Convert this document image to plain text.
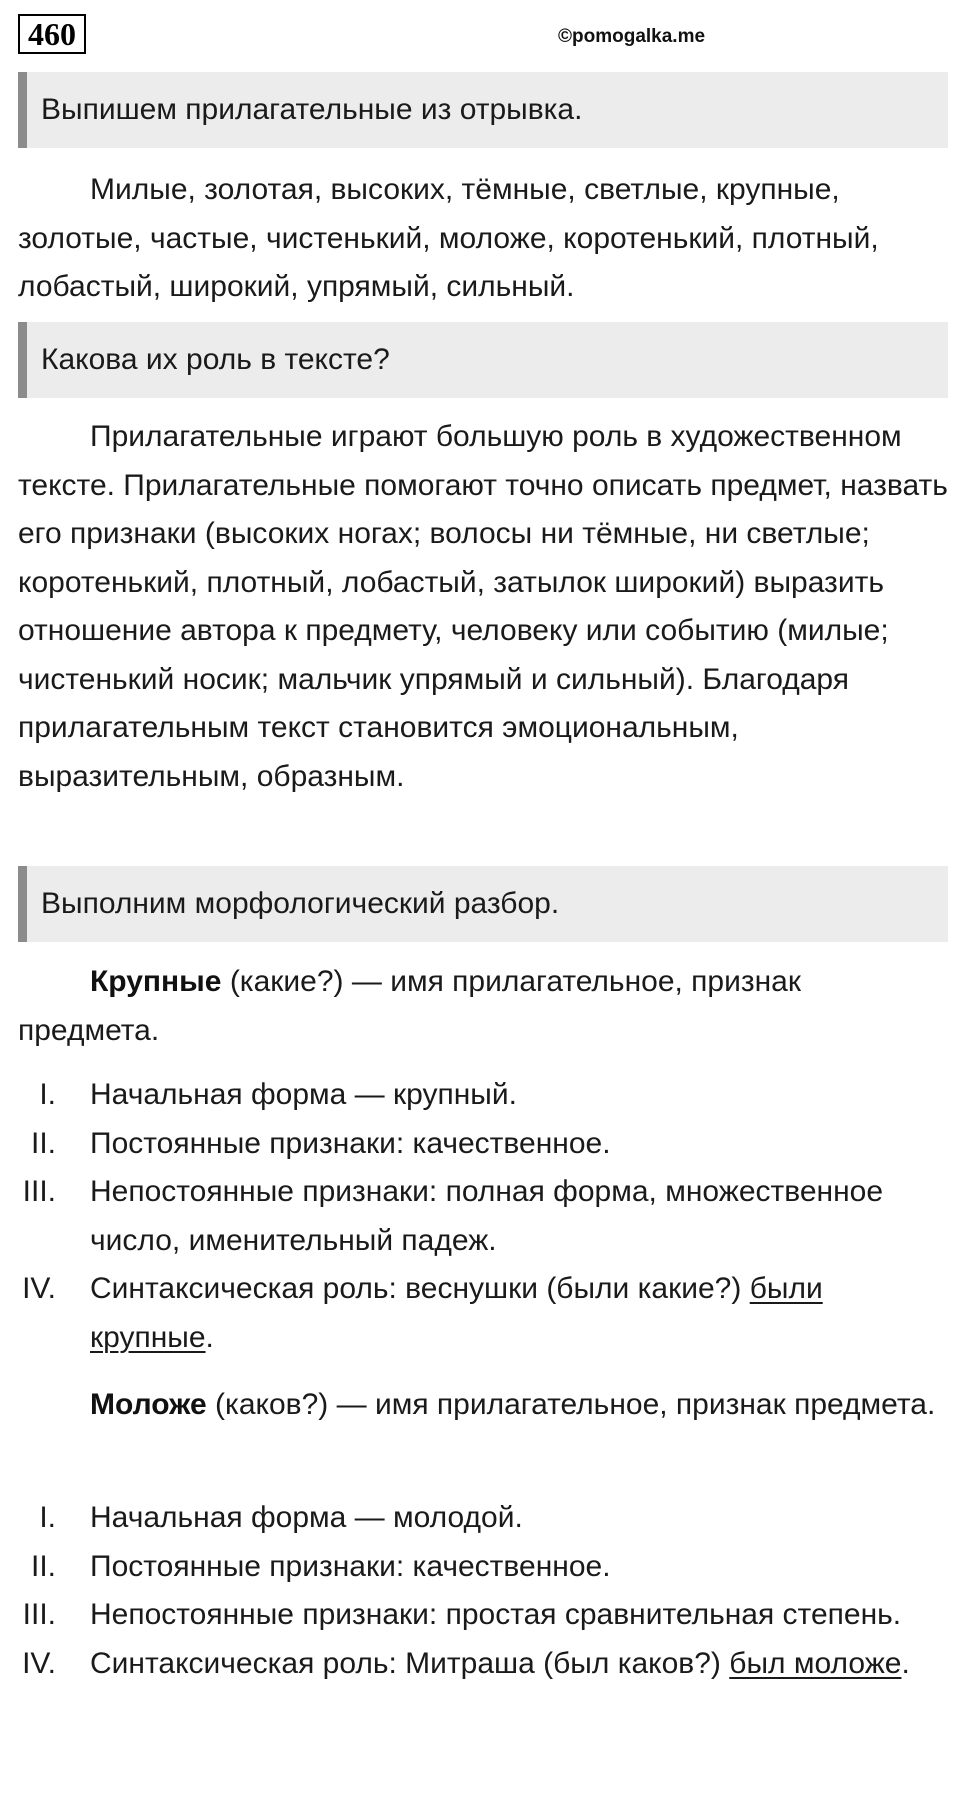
460	©pomogalka.me
Выпишем прилагательные из отрывка.

Милые, золотая, высоких, тёмные, светлые, крупные, золотые, частые, чистенький, моложе, коротенький, плотный, лобастый, широкий, упрямый, сильный.

Какова их роль в тексте?

Прилагательные играют большую роль в художественном тексте. Прилагательные помогают точно описать предмет, назвать его признаки (высоких ногах; волосы ни тёмные, ни светлые; коротенький, плотный, лобастый, затылок широкий) выразить отношение автора к предмету, человеку или событию (милые; чистенький носик; мальчик упрямый и сильный). Благодаря прилагательным текст становится эмоциональным, выразительным, образным.

Выполним морфологический разбор.

Крупные (какие?) — имя прилагательное, признак предмета.

I. Начальная форма — крупный.
II. Постоянные признаки: качественное.
III. Непостоянные признаки: полная форма, множественное число, именительный падеж.
IV. Синтаксическая роль: веснушки (были какие?) были крупные.

Моложе (каков?) — имя прилагательное, признак предмета.

I. Начальная форма — молодой.
II. Постоянные признаки: качественное.
III. Непостоянные признаки: простая сравнительная степень.
IV. Синтаксическая роль: Митраша (был каков?) был моложе.
